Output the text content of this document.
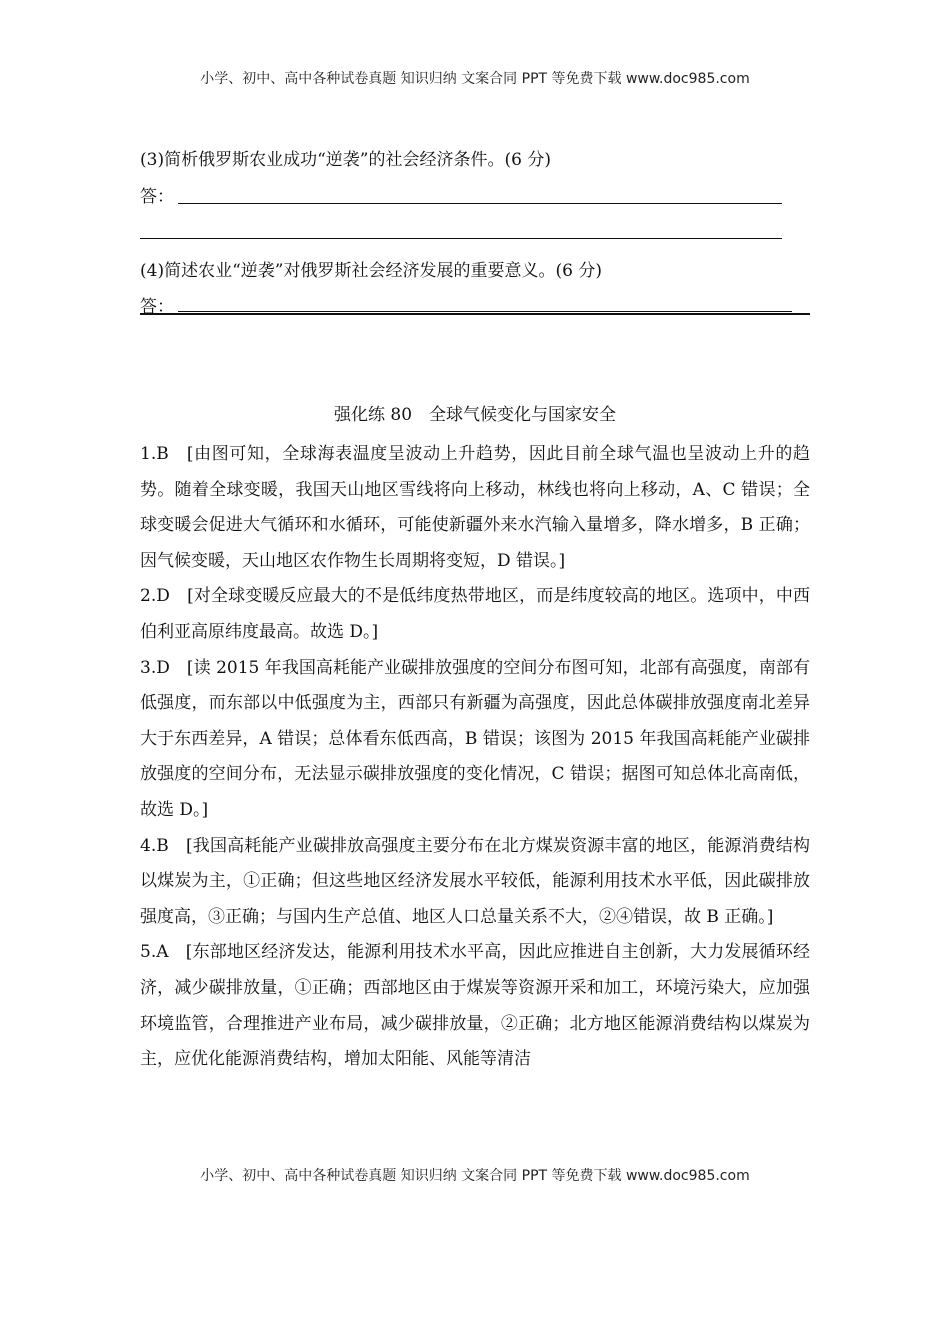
小学、初中、高中各种试卷真题 知识归纳 文案合同 PPT 等免费下载 www.doc985.com
(3)简析俄罗斯农业成功“逆袭”的社会经济条件。(6 分)
答：
(4)简述农业“逆袭”对俄罗斯社会经济发展的重要意义。(6 分)
答：
强化练 80　全球气候变化与国家安全

1.B　[由图可知，全球海表温度呈波动上升趋势，因此目前全球气温也呈波动上升的趋势。随着全球变暖，我国天山地区雪线将向上移动，林线也将向上移动，A、C 错误；全球变暖会促进大气循环和水循环，可能使新疆外来水汽输入量增多，降水增多，B 正确；因气候变暖，天山地区农作物生长周期将变短，D 错误。]

2.D　[对全球变暖反应最大的不是低纬度热带地区，而是纬度较高的地区。选项中，中西伯利亚高原纬度最高。故选 D。]

3.D　[读 2015 年我国高耗能产业碳排放强度的空间分布图可知，北部有高强度，南部有低强度，而东部以中低强度为主，西部只有新疆为高强度，因此总体碳排放强度南北差异大于东西差异，A 错误；总体看东低西高，B 错误；该图为 2015 年我国高耗能产业碳排放强度的空间分布，无法显示碳排放强度的变化情况，C 错误；据图可知总体北高南低，故选 D。]

4.B　[我国高耗能产业碳排放高强度主要分布在北方煤炭资源丰富的地区，能源消费结构以煤炭为主，①正确；但这些地区经济发展水平较低，能源利用技术水平低，因此碳排放强度高，③正确；与国内生产总值、地区人口总量关系不大，②④错误，故 B 正确。]

5.A　[东部地区经济发达，能源利用技术水平高，因此应推进自主创新，大力发展循环经济，减少碳排放量，①正确；西部地区由于煤炭等资源开采和加工，环境污染大，应加强环境监管，合理推进产业布局，减少碳排放量，②正确；北方地区能源消费结构以煤炭为主，应优化能源消费结构，增加太阳能、风能等清洁

小学、初中、高中各种试卷真题 知识归纳 文案合同 PPT 等免费下载 www.doc985.com
